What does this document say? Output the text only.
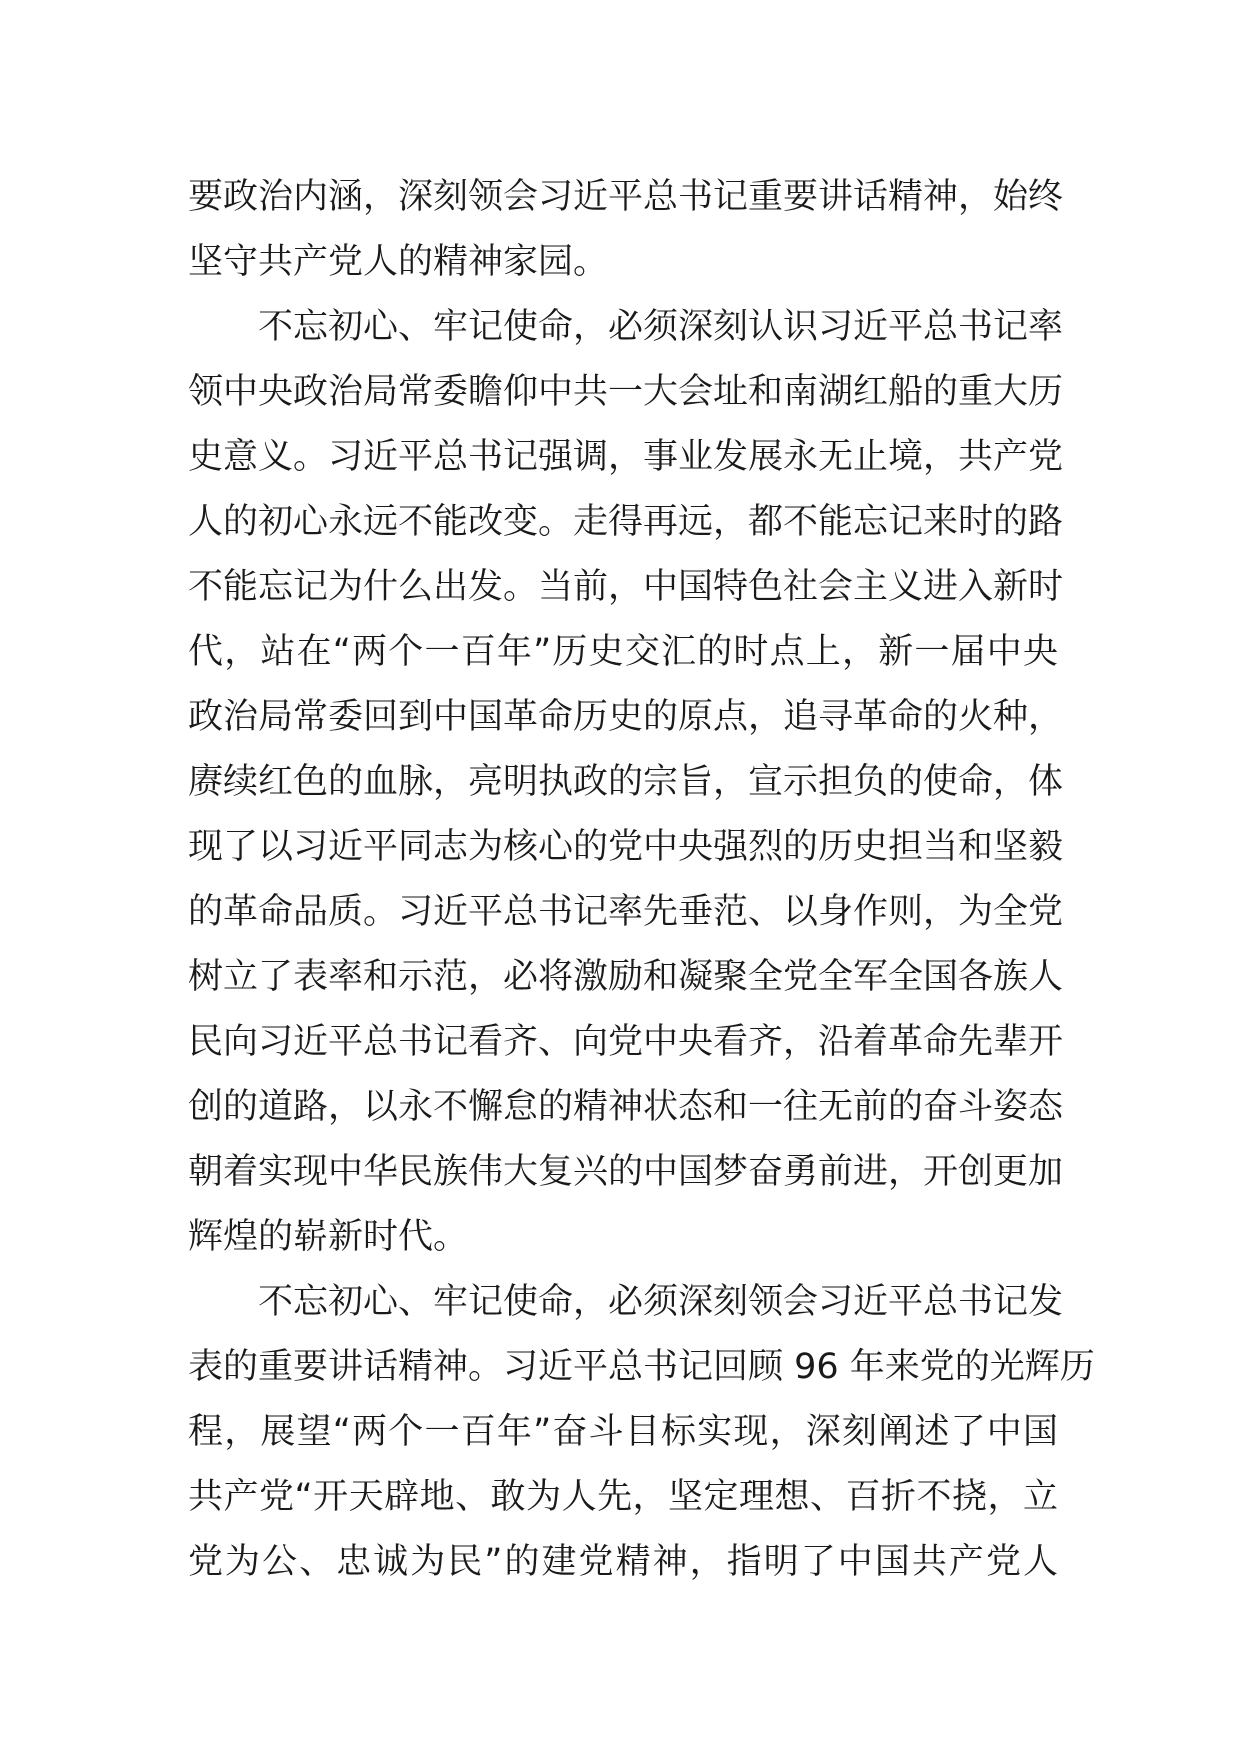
要政治内涵，深刻领会习近平总书记重要讲话精神，始终
坚守共产党人的精神家园。
不忘初心、牢记使命，必须深刻认识习近平总书记率
领中央政治局常委瞻仰中共一大会址和南湖红船的重大历
史意义。习近平总书记强调，事业发展永无止境，共产党
人的初心永远不能改变。走得再远，都不能忘记来时的路
不能忘记为什么出发。当前，中国特色社会主义进入新时
代，站在“两个一百年”历史交汇的时点上，新一届中央
政治局常委回到中国革命历史的原点，追寻革命的火种，
赓续红色的血脉，亮明执政的宗旨，宣示担负的使命，体
现了以习近平同志为核心的党中央强烈的历史担当和坚毅
的革命品质。习近平总书记率先垂范、以身作则，为全党
树立了表率和示范，必将激励和凝聚全党全军全国各族人
民向习近平总书记看齐、向党中央看齐，沿着革命先辈开
创的道路，以永不懈怠的精神状态和一往无前的奋斗姿态
朝着实现中华民族伟大复兴的中国梦奋勇前进，开创更加
辉煌的崭新时代。
不忘初心、牢记使命，必须深刻领会习近平总书记发
表的重要讲话精神。习近平总书记回顾 96 年来党的光辉历
程，展望“两个一百年”奋斗目标实现，深刻阐述了中国
共产党“开天辟地、敢为人先，坚定理想、百折不挠，立
党为公、忠诚为民”的建党精神，指明了中国共产党人
